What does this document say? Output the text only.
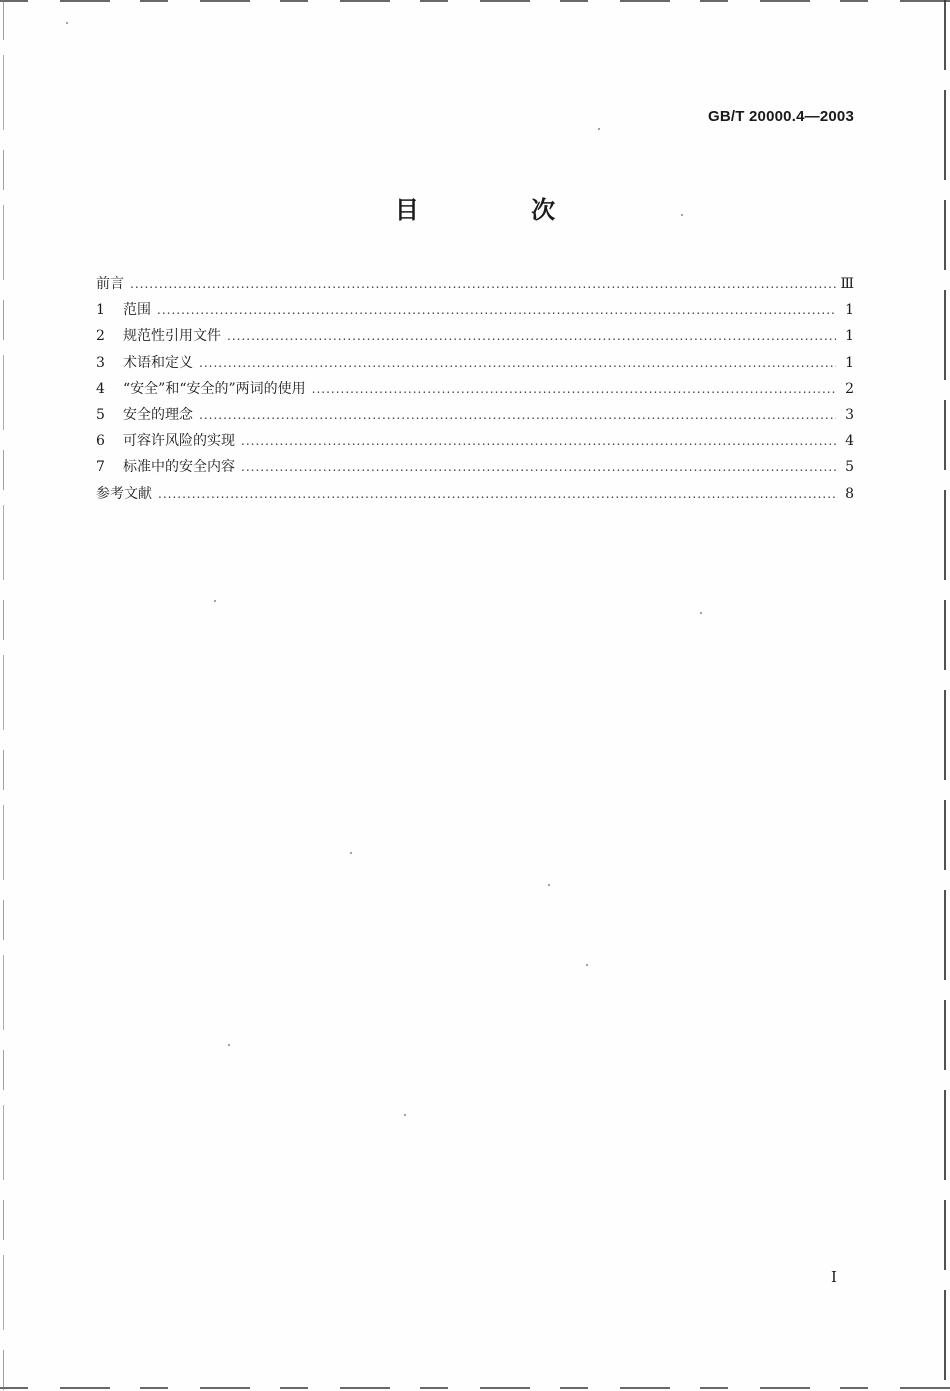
GB/T 20000.4—2003
目 次
前言 .....	Ⅲ
1	范围 .....	1
2	规范性引用文件 .....	1
3	术语和定义 .....	1
4	“安全”和“安全的”两词的使用 .....	2
5	安全的理念 .....	3
6	可容许风险的实现 .....	4
7	标准中的安全内容 .....	5
参考文献 .....	8
I
